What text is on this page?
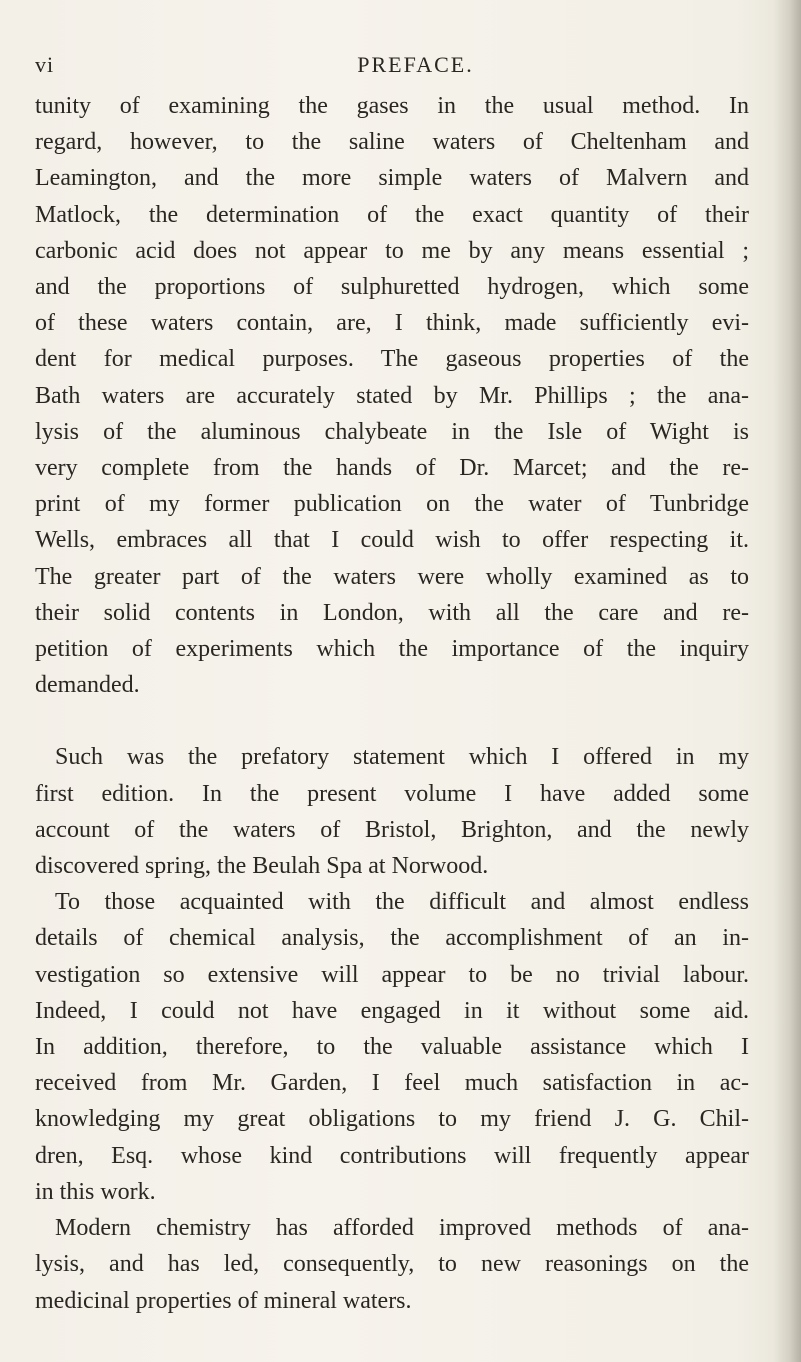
vi	PREFACE.
tunity of examining the gases in the usual method. In
regard, however, to the saline waters of Cheltenham and
Leamington, and the more simple waters of Malvern and
Matlock, the determination of the exact quantity of their
carbonic acid does not appear to me by any means essential ;
and the proportions of sulphuretted hydrogen, which some
of these waters contain, are, I think, made sufficiently evi-
dent for medical purposes. The gaseous properties of the
Bath waters are accurately stated by Mr. Phillips ; the ana-
lysis of the aluminous chalybeate in the Isle of Wight is
very complete from the hands of Dr. Marcet; and the re-
print of my former publication on the water of Tunbridge
Wells, embraces all that I could wish to offer respecting it.
The greater part of the waters were wholly examined as to
their solid contents in London, with all the care and re-
petition of experiments which the importance of the inquiry
demanded.
Such was the prefatory statement which I offered in my
first edition. In the present volume I have added some
account of the waters of Bristol, Brighton, and the newly
discovered spring, the Beulah Spa at Norwood.
To those acquainted with the difficult and almost endless
details of chemical analysis, the accomplishment of an in-
vestigation so extensive will appear to be no trivial labour.
Indeed, I could not have engaged in it without some aid.
In addition, therefore, to the valuable assistance which I
received from Mr. Garden, I feel much satisfaction in ac-
knowledging my great obligations to my friend J. G. Chil-
dren, Esq. whose kind contributions will frequently appear
in this work.
Modern chemistry has afforded improved methods of ana-
lysis, and has led, consequently, to new reasonings on the
medicinal properties of mineral waters.
